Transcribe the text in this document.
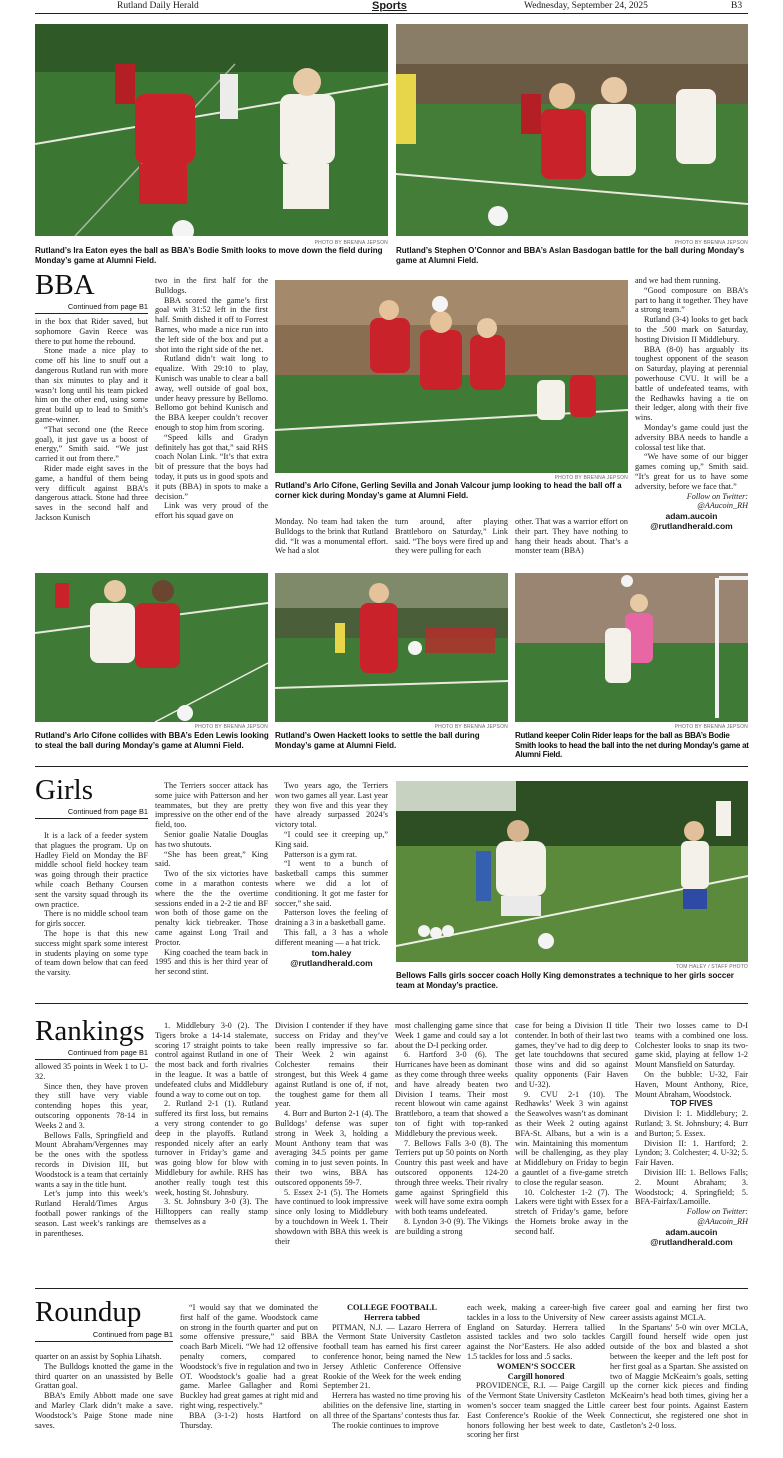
Rutland Daily Herald	Sports	Wednesday, September 24, 2025	B3
PHOTO BY BRENNA JEPSON
Rutland’s Ira Eaton eyes the ball as BBA’s Bodie Smith looks to move down the field during Monday’s game at Alumni Field.
PHOTO BY BRENNA JEPSON
Rutland’s Stephen O’Connor and BBA’s Aslan Basdogan battle for the ball during Monday’s game at Alumni Field.
BBA
Continued from page B1

in the box that Rider saved, but sophomore Gavin Reece was there to put home the rebound.

Stone made a nice play to come off his line to snuff out a dangerous Rutland run with more than six minutes to play and it wasn’t long until his team picked him on the other end, using some great build up to lead to Smith’s game-winner.

“That second one (the Reece goal), it just gave us a boost of energy,” Smith said. “We just carried it out from there.”

Rider made eight saves in the game, a handful of them being very difficult against BBA’s dangerous attack. Stone had three saves in the second half and Jackson Kunisch

two in the first half for the Bulldogs.

BBA scored the game’s first goal with 31:52 left in the first half. Smith dished it off to Forrest Barnes, who made a nice run into the left side of the box and put a shot into the right side of the net.

Rutland didn’t wait long to equalize. With 29:10 to play, Kunisch was unable to clear a ball away, well outside of goal box, under heavy pressure by Bellomo. Bellomo got behind Kunisch and the BBA keeper couldn’t recover enough to stop him from scoring.

“Speed kills and Gradyn definitely has got that,” said RHS coach Nolan Link. “It’s that extra bit of pressure that the boys had today, it puts us in good spots and it puts (BBA) in spots to make a decision.”

Link was very proud of the effort his squad gave on

PHOTO BY BRENNA JEPSON
Rutland’s Arlo Cifone, Gerling Sevilla and Jonah Valcour jump looking to head the ball off a corner kick during Monday’s game at Alumni Field.

Monday. No team had taken the Bulldogs to the brink that Rutland did. “It was a monumental effort. We had a slot

turn around, after playing Brattleboro on Saturday,” Link said. “The boys were fired up and they were pulling for each

other. That was a warrior effort on their part. They have nothing to hang their heads about. That’s a monster team (BBA)

and we had them running.

“Good composure on BBA’s part to hang it together. They have a strong team.”

Rutland (3-4) looks to get back to the .500 mark on Saturday, hosting Division II Middlebury.

BBA (8-0) has arguably its toughest opponent of the season on Saturday, playing at perennial powerhouse CVU. It will be a battle of undefeated teams, with the Redhawks having a tie on their ledger, along with their five wins.

Monday’s game could just the adversity BBA needs to handle a colossal test like that.

“We have some of our bigger games coming up,” Smith said. “It’s great for us to have some adversity, before we face that.”

Follow on Twitter: @AAucoin_RH

adam.aucoin

@rutlandherald.com

PHOTO BY BRENNA JEPSON
Rutland’s Arlo Cifone collides with BBA’s Eden Lewis looking to steal the ball during Monday’s game at Alumni Field.
PHOTO BY BRENNA JEPSON
Rutland’s Owen Hackett looks to settle the ball during Monday’s game at Alumni Field.
PHOTO BY BRENNA JEPSON
Rutland keeper Colin Rider leaps for the ball as BBA’s Bodie Smith looks to head the ball into the net during Monday’s game at Alumni Field.
Girls
Continued from page B1

It is a lack of a feeder system that plagues the program. Up on Hadley Field on Monday the BF middle school field hockey team was going through their practice while coach Bethany Coursen sent the varsity squad through its own practice.

There is no middle school team for girls soccer.

The hope is that this new success might spark some interest in students playing on some type of team down below that can feed the varsity.

The Terriers soccer attack has some juice with Patterson and her teammates, but they are pretty impressive on the other end of the field, too.

Senior goalie Natalie Douglas has two shutouts.

“She has been great,” King said.

Two of the six victories have come in a marathon contests where the the the overtime sessions ended in a 2-2 tie and BF won both of those game on the penalty kick tiebreaker. Those came against Long Trail and Proctor.

King coached the team back in 1995 and this is her third year of her second stint.

Two years ago, the Terriers won two games all year. Last year they won five and this year they have already surpassed 2024’s victory total.

“I could see it creeping up,” King said.

Patterson is a gym rat.

“I went to a bunch of basketball camps this summer where we did a lot of conditioning. It got me faster for soccer,” she said.

Patterson loves the feeling of draining a 3 in a basketball game.

This fall, a 3 has a whole different meaning — a hat trick.

tom.haley

@rutlandherald.com	TOM HALEY / STAFF PHOTO
Bellows Falls girls soccer coach Holly King demonstrates a technique to her girls soccer team at Monday’s practice.
Rankings
Continued from page B1

allowed 35 points in Week 1 to U-32.

Since then, they have proven they still have very viable contending hopes this year, outscoring opponents 78-14 in Weeks 2 and 3.

Bellows Falls, Springfield and Mount Abraham/Vergennes may be the ones with the spotless records in Division III, but Woodstock is a team that certainly wants a say in the title hunt.

Let’s jump into this week’s Rutland Herald/Times Argus football power rankings of the season. Last week’s rankings are in parentheses.

1. Middlebury 3-0 (2). The Tigers broke a 14-14 stalemate, scoring 17 straight points to take control against Rutland in one of the most back and forth rivalries in the league. It was a battle of undefeated clubs and Middlebury found a way to come out on top.

2. Rutland 2-1 (1). Rutland suffered its first loss, but remains a very strong contender to go deep in the playoffs. Rutland responded nicely after an early turnover in Friday’s game and was going blow for blow with Middlebury for awhile. RHS has another really tough test this week, hosting St. Johnsbury.

3. St. Johnsbury 3-0 (3). The Hilltoppers can really stamp themselves as a

Division I contender if they have success on Friday and they’ve been really impressive so far. Their Week 2 win against Colchester remains their strongest, but this Week 4 game against Rutland is one of, if not, the toughest game for them all year.

4. Burr and Burton 2-1 (4). The Bulldogs’ defense was super strong in Week 3, holding a Mount Anthony team that was averaging 34.5 points per game coming in to just seven points. In their two wins, BBA has outscored opponents 59-7.

5. Essex 2-1 (5). The Hornets have continued to look impressive since only losing to Middlebury by a touchdown in Week 1. Their showdown with BBA this week is their

most challenging game since that Week 1 game and could say a lot about the D-I pecking order.

6. Hartford 3-0 (6). The Hurricanes have been as dominant as they come through three weeks and have already beaten two Division I teams. Their most recent blowout win came against Brattleboro, a team that showed a ton of fight with top-ranked Middlebury the previous week.

7. Bellows Falls 3-0 (8). The Terriers put up 50 points on North Country this past week and have outscored opponents 124-20 through three weeks. Their rivalry game against Springfield this week will have some extra oomph with both teams undefeated.

8. Lyndon 3-0 (9). The Vikings are building a strong

case for being a Division II title contender. In both of their last two games, they’ve had to dig deep to get late touchdowns that secured those wins and did so against quality opponents (Fair Haven and U-32).

9. CVU 2-1 (10). The Redhawks’ Week 3 win against the Seawolves wasn’t as dominant as their Week 2 outing against BFA-St. Albans, but a win is a win. Maintaining this momentum will be challenging, as they play at Middlebury on Friday to begin a gauntlet of a five-game stretch to close the regular season.

10. Colchester 1-2 (7). The Lakers were tight with Essex for a stretch of Friday’s game, before the Hornets broke away in the second half.

Their two losses came to D-I teams with a combined one loss. Colchester looks to snap its two-game skid, playing at fellow 1-2 Mount Mansfield on Saturday.

On the bubble: U-32, Fair Haven, Mount Anthony, Rice, Mount Abraham, Woodstock.

TOP FIVES

Division I: 1. Middlebury; 2. Rutland; 3. St. Johnsbury; 4. Burr and Burton; 5. Essex.

Division II: 1. Hartford; 2. Lyndon; 3. Colchester; 4. U-32; 5. Fair Haven.

Division III: 1. Bellows Falls; 2. Mount Abraham; 3. Woodstock; 4. Springfield; 5. BFA-Fairfax/Lamoille.

Follow on Twitter: @AAucoin_RH

adam.aucoin

@rutlandherald.com

Roundup
Continued from page B1

quarter on an assist by Sophia Lihatsh.

The Bulldogs knotted the game in the third quarter on an unassisted by Belle Grattan goal.

BBA’s Emily Abbott made one save and Marley Clark didn’t make a save. Woodstock’s Paige Stone made nine saves.

“I would say that we dominated the first half of the game. Woodstock came on strong in the fourth quarter and put on some offensive pressure,” said BBA coach Barb Miceli. “We had 12 offensive penalty corners, compared to Woodstock’s five in regulation and two in OT. Woodstock’s goalie had a great game. Marlee Gallagher and Romi Buckley had great games at right mid and right wing, respectively.”

BBA (3-1-2) hosts Hartford on Thursday.

COLLEGE FOOTBALL

Herrera tabbed

PITMAN, N.J. — Lazaro Herrera of the Vermont State University Castleton football team has earned his first career conference honor, being named the New Jersey Athletic Conference Offensive Rookie of the Week for the week ending September 21.

Herrera has wasted no time proving his abilities on the defensive line, starting in all three of the Spartans’ contests thus far.

The rookie continues to improve

each week, making a career-high five tackles in a loss to the University of New England on Saturday. Herrera tallied assisted tackles and two solo tackles against the Nor’Easters. He also added 1.5 tackles for loss and .5 sacks.

WOMEN’S SOCCER

Cargill honored

PROVIDENCE, R.I. — Paige Cargill of the Vermont State University Castleton women’s soccer team snagged the Little East Conference’s Rookie of the Week honors following her best week to date, scoring her first

career goal and earning her first two career assists against MCLA.

In the Spartans’ 5-0 win over MCLA, Cargill found herself wide open just outside of the box and blasted a shot between the keeper and the left post for her first goal as a Spartan. She assisted on two of Maggie McKeairn’s goals, setting up the corner kick pieces and finding McKeairn’s head both times, giving her a career best four points. Against Eastern Connecticut, she registered one shot in Castleton’s 2-0 loss.
